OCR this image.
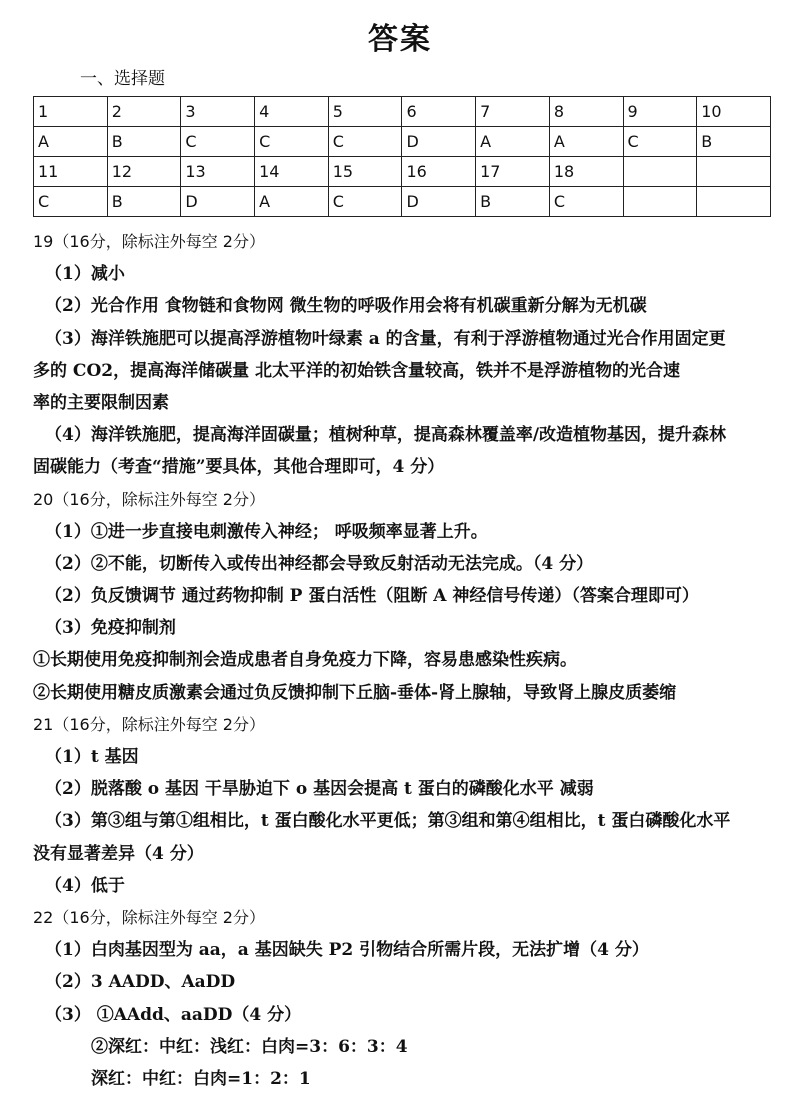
答案
一、选择题
1	2	3	4	5	6	7	8	9	10
A	B	C	C	C	D	A	A	C	B
11	12	13	14	15	16	17	18		
C	B	D	A	C	D	B	C		
19（16分，除标注外每空 2分）
（1）减小
（2）光合作用 食物链和食物网 微生物的呼吸作用会将有机碳重新分解为无机碳
（3）海洋铁施肥可以提高浮游植物叶绿素 a 的含量，有利于浮游植物通过光合作用固定更
多的 CO2，提高海洋储碳量 北太平洋的初始铁含量较高，铁并不是浮游植物的光合速
率的主要限制因素
（4）海洋铁施肥，提高海洋固碳量；植树种草，提高森林覆盖率/改造植物基因，提升森林
固碳能力（考查“措施”要具体，其他合理即可，4 分）
20（16分，除标注外每空 2分）
（1）①进一步直接电刺激传入神经； 呼吸频率显著上升。
（2）②不能，切断传入或传出神经都会导致反射活动无法完成。（4 分）
（2）负反馈调节 通过药物抑制 P 蛋白活性（阻断 A 神经信号传递）（答案合理即可）
（3）免疫抑制剂
①长期使用免疫抑制剂会造成患者自身免疫力下降，容易患感染性疾病。
②长期使用糖皮质激素会通过负反馈抑制下丘脑-垂体-肾上腺轴，导致肾上腺皮质萎缩
21（16分，除标注外每空 2分）
（1）t 基因
（2）脱落酸 o 基因 干旱胁迫下 o 基因会提高 t 蛋白的磷酸化水平 减弱
（3）第③组与第①组相比，t 蛋白酸化水平更低；第③组和第④组相比，t 蛋白磷酸化水平
没有显著差异（4 分）
（4）低于
22（16分，除标注外每空 2分）
（1）白肉基因型为 aa，a 基因缺失 P2 引物结合所需片段，无法扩增（4 分）
（2）3 AADD、AaDD
（3） ①AAdd、aaDD（4 分）
②深红：中红：浅红：白肉=3：6：3：4
深红：中红：白肉=1：2：1
